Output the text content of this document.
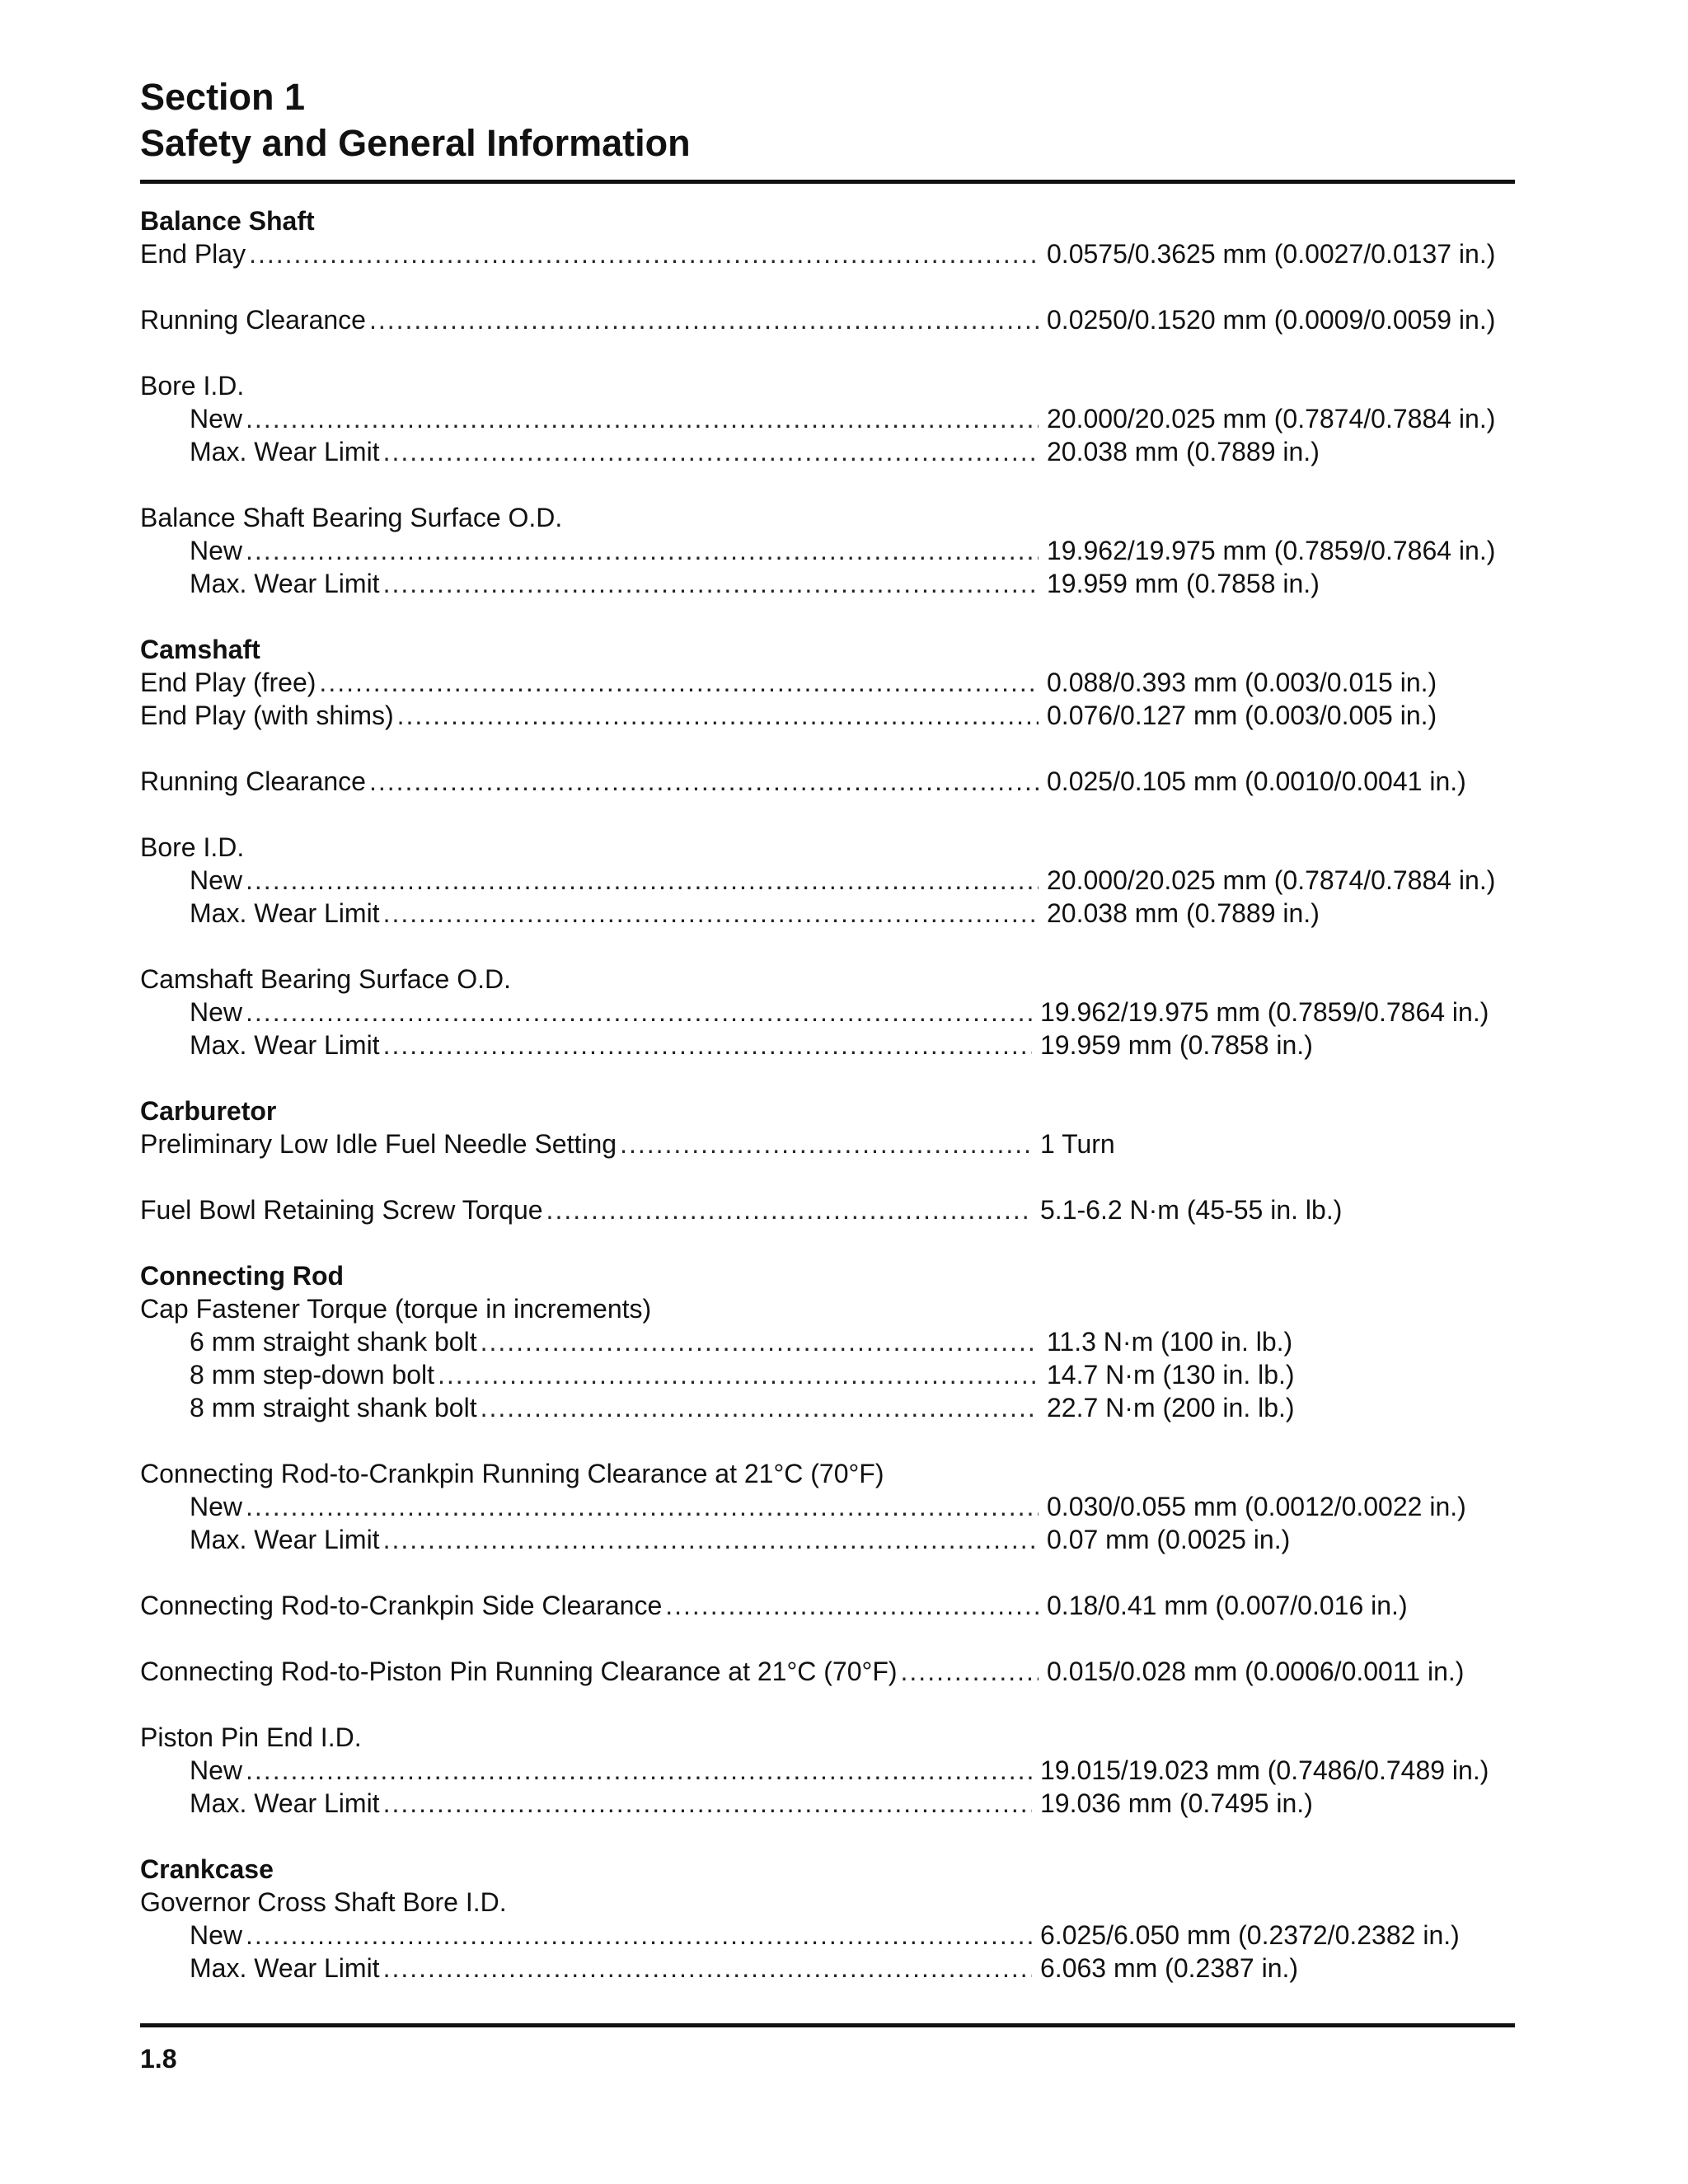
Section 1
Safety and General Information
Balance Shaft
End Play .....	0.0575/0.3625 mm (0.0027/0.0137 in.)
Running Clearance .....	0.0250/0.1520 mm (0.0009/0.0059 in.)
Bore I.D.
New .....	20.000/20.025 mm (0.7874/0.7884 in.)
Max. Wear Limit .....	20.038 mm (0.7889 in.)
Balance Shaft Bearing Surface O.D.
New .....	19.962/19.975 mm (0.7859/0.7864 in.)
Max. Wear Limit .....	19.959 mm (0.7858 in.)
Camshaft
End Play (free) .....	0.088/0.393 mm (0.003/0.015 in.)
End Play (with shims) .....	0.076/0.127 mm (0.003/0.005 in.)
Running Clearance .....	0.025/0.105 mm (0.0010/0.0041 in.)
Bore I.D.
New .....	20.000/20.025 mm (0.7874/0.7884 in.)
Max. Wear Limit .....	20.038 mm (0.7889 in.)
Camshaft Bearing Surface O.D.
New .....	19.962/19.975 mm (0.7859/0.7864 in.)
Max. Wear Limit .....	19.959 mm (0.7858 in.)
Carburetor
Preliminary Low Idle Fuel Needle Setting .....	1 Turn
Fuel Bowl Retaining Screw Torque .....	5.1-6.2 N·m (45-55 in. lb.)
Connecting Rod
Cap Fastener Torque (torque in increments)
6 mm straight shank bolt .....	11.3 N·m (100 in. lb.)
8 mm step-down bolt .....	14.7 N·m (130 in. lb.)
8 mm straight shank bolt .....	22.7 N·m (200 in. lb.)
Connecting Rod-to-Crankpin Running Clearance at 21°C (70°F)
New .....	0.030/0.055 mm (0.0012/0.0022 in.)
Max. Wear Limit .....	0.07 mm (0.0025 in.)
Connecting Rod-to-Crankpin Side Clearance .....	0.18/0.41 mm (0.007/0.016 in.)
Connecting Rod-to-Piston Pin Running Clearance at 21°C (70°F) .....	0.015/0.028 mm (0.0006/0.0011 in.)
Piston Pin End I.D.
New .....	19.015/19.023 mm (0.7486/0.7489 in.)
Max. Wear Limit .....	19.036 mm (0.7495 in.)
Crankcase
Governor Cross Shaft Bore I.D.
New .....	6.025/6.050 mm (0.2372/0.2382 in.)
Max. Wear Limit .....	6.063 mm (0.2387 in.)
1.8
